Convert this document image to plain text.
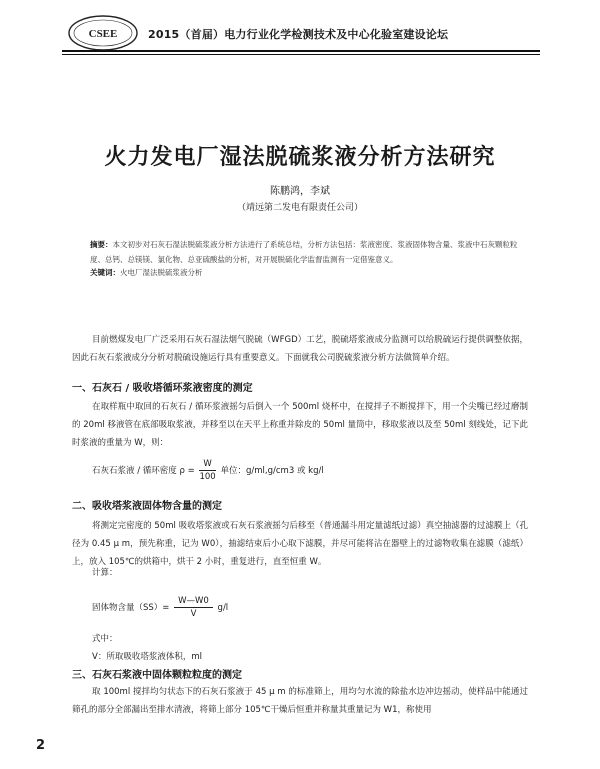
CSEE	2015（首届）电力行业化学检测技术及中心化验室建设论坛
火力发电厂湿法脱硫浆液分析方法研究
陈鹏鸿，李斌
（靖远第二发电有限责任公司）
摘要：本文初步对石灰石湿法脱硫浆液分析方法进行了系统总结，分析方法包括：浆液密度、浆液固体物含量、浆液中石灰颗粒粒度、总钙、总镁镁、氯化物、总亚硫酸盐的分析，对开展脱硫化学监督监测有一定借鉴意义。
关键词：火电厂湿法脱硫浆液分析
目前燃煤发电厂广泛采用石灰石湿法烟气脱硫（WFGD）工艺，脱硫塔浆液成分监测可以给脱硫运行提供调整依据，因此石灰石浆液成分分析对脱硫设施运行具有重要意义。下面就我公司脱硫浆液分析方法做简单介绍。
一、石灰石 / 吸收塔循环浆液密度的测定
在取样瓶中取回的石灰石 / 循环浆液摇匀后倒入一个 500ml 烧杯中，在搅拌子不断搅拌下，用一个尖嘴已经过磨制的 20ml 移液管在底部吸取浆液，并移至以在天平上称重并除皮的 50ml 量筒中，移取浆液以及至 50ml 刻线处，记下此时浆液的重量为 W，则：
石灰石浆液 / 循环密度 $\rho = \frac{W}{100}$ 单位：g/ml,g/cm3 或 kg/l
二、吸收塔浆液固体物含量的测定
将测定完密度的 50ml 吸收塔浆液或石灰石浆液摇匀后移至（普通漏斗用定量滤纸过滤）真空抽滤器的过滤膜上（孔径为 0.45 μ m，预先称重，记为 W0），抽滤结束后小心取下滤膜，并尽可能将沾在器壁上的过滤物收集在滤膜（滤纸）上，放入 105℃的烘箱中，烘干 2 小时，重复进行，直至恒重 W。
计算：
固体物含量$(SS)= \frac{W—W0}{V} g/l$
式中：
V：所取吸收塔浆液体积，ml
三、石灰石浆液中固体颗粒粒度的测定
取 100ml 搅拌均匀状态下的石灰石浆液于 45 μ m 的标准筛上，用均匀水流的除盐水边冲边摇动，使样品中能通过筛孔的部分全部漏出至排水清液，将筛上部分 105℃干燥后恒重并称量其重量记为 W1，称使用
2
